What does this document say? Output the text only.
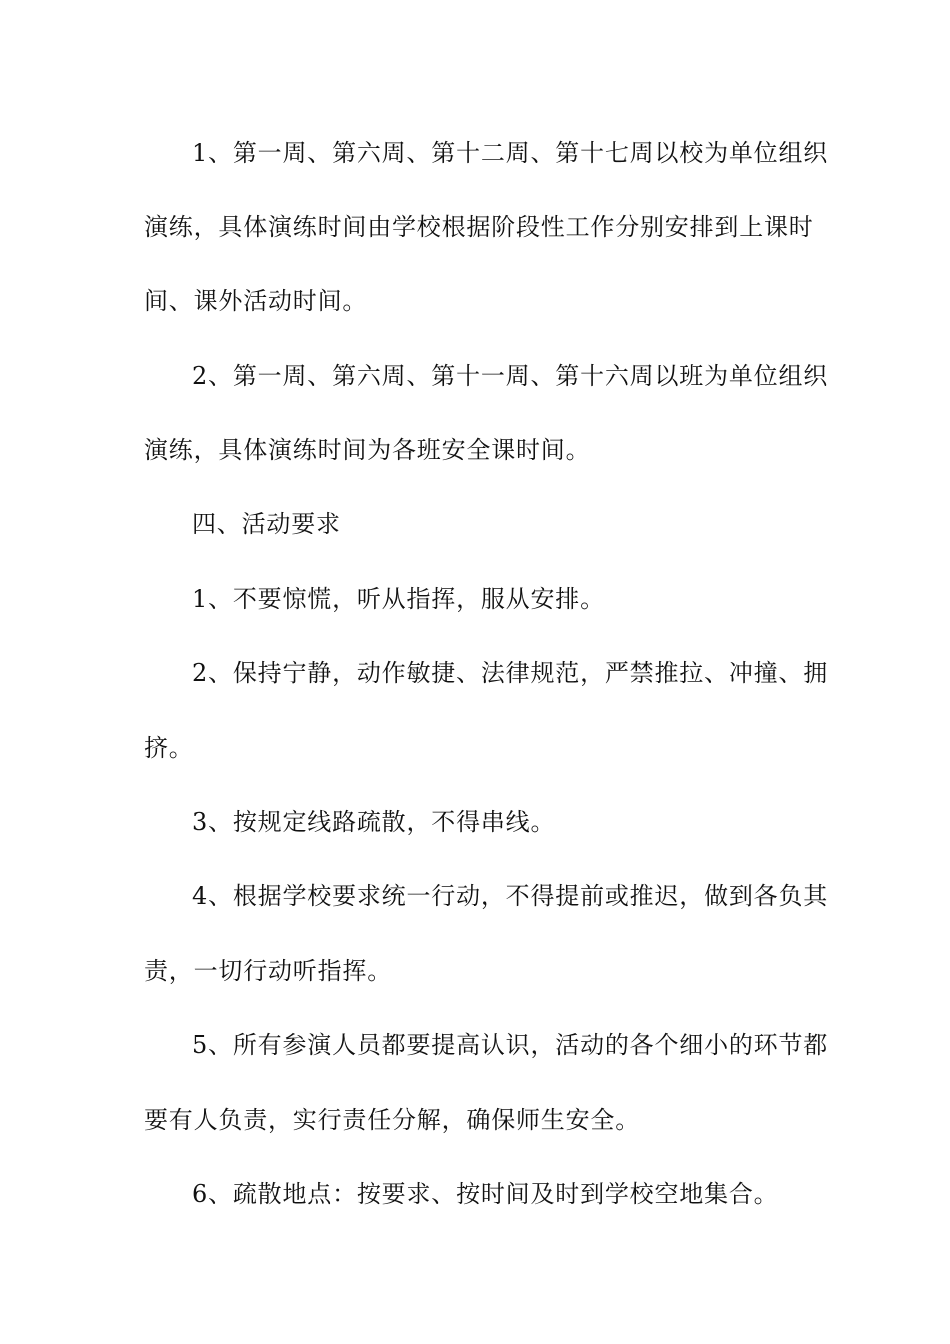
1、第一周、第六周、第十二周、第十七周以校为单位组织

演练，具体演练时间由学校根据阶段性工作分别安排到上课时

间、课外活动时间。

2、第一周、第六周、第十一周、第十六周以班为单位组织

演练，具体演练时间为各班安全课时间。

四、活动要求

1、不要惊慌，听从指挥，服从安排。

2、保持宁静，动作敏捷、法律规范，严禁推拉、冲撞、拥

挤。

3、按规定线路疏散，不得串线。

4、根据学校要求统一行动，不得提前或推迟，做到各负其

责，一切行动听指挥。

5、所有参演人员都要提高认识，活动的各个细小的环节都

要有人负责，实行责任分解，确保师生安全。

6、疏散地点：按要求、按时间及时到学校空地集合。
